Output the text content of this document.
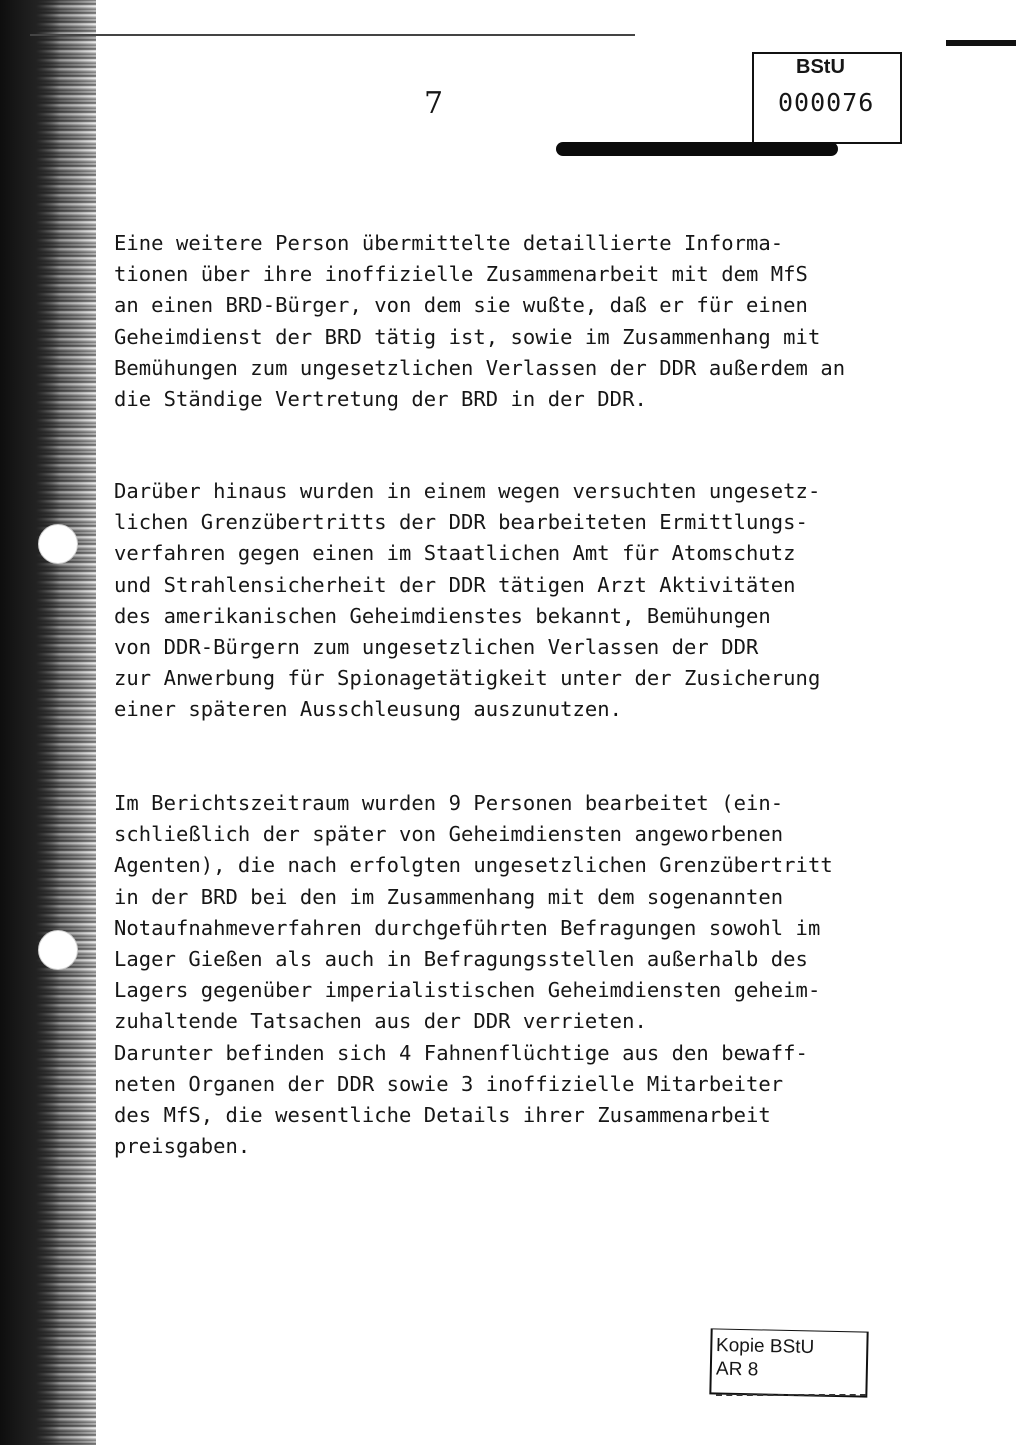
7
BStU
000076
Eine weitere Person übermittelte detaillierte Informa-
tionen über ihre inoffizielle Zusammenarbeit mit dem MfS
an einen BRD-Bürger, von dem sie wußte, daß er für einen
Geheimdienst der BRD tätig ist, sowie im Zusammenhang mit
Bemühungen zum ungesetzlichen Verlassen der DDR außerdem an
die Ständige Vertretung der BRD in der DDR.
Darüber hinaus wurden in einem wegen versuchten ungesetz-
lichen Grenzübertritts der DDR bearbeiteten Ermittlungs-
verfahren gegen einen im Staatlichen Amt für Atomschutz
und Strahlensicherheit der DDR tätigen Arzt Aktivitäten
des amerikanischen Geheimdienstes bekannt, Bemühungen
von DDR-Bürgern zum ungesetzlichen Verlassen der DDR
zur Anwerbung für Spionagetätigkeit unter der Zusicherung
einer späteren Ausschleusung auszunutzen.
Im Berichtszeitraum wurden 9 Personen bearbeitet (ein-
schließlich der später von Geheimdiensten angeworbenen
Agenten), die nach erfolgten ungesetzlichen Grenzübertritt
in der BRD bei den im Zusammenhang mit dem sogenannten
Notaufnahmeverfahren durchgeführten Befragungen sowohl im
Lager Gießen als auch in Befragungsstellen außerhalb des
Lagers gegenüber imperialistischen Geheimdiensten geheim-
zuhaltende Tatsachen aus der DDR verrieten.
Darunter befinden sich 4 Fahnenflüchtige aus den bewaff-
neten Organen der DDR sowie 3 inoffizielle Mitarbeiter
des MfS, die wesentliche Details ihrer Zusammenarbeit
preisgaben.
Kopie BStU
AR 8
